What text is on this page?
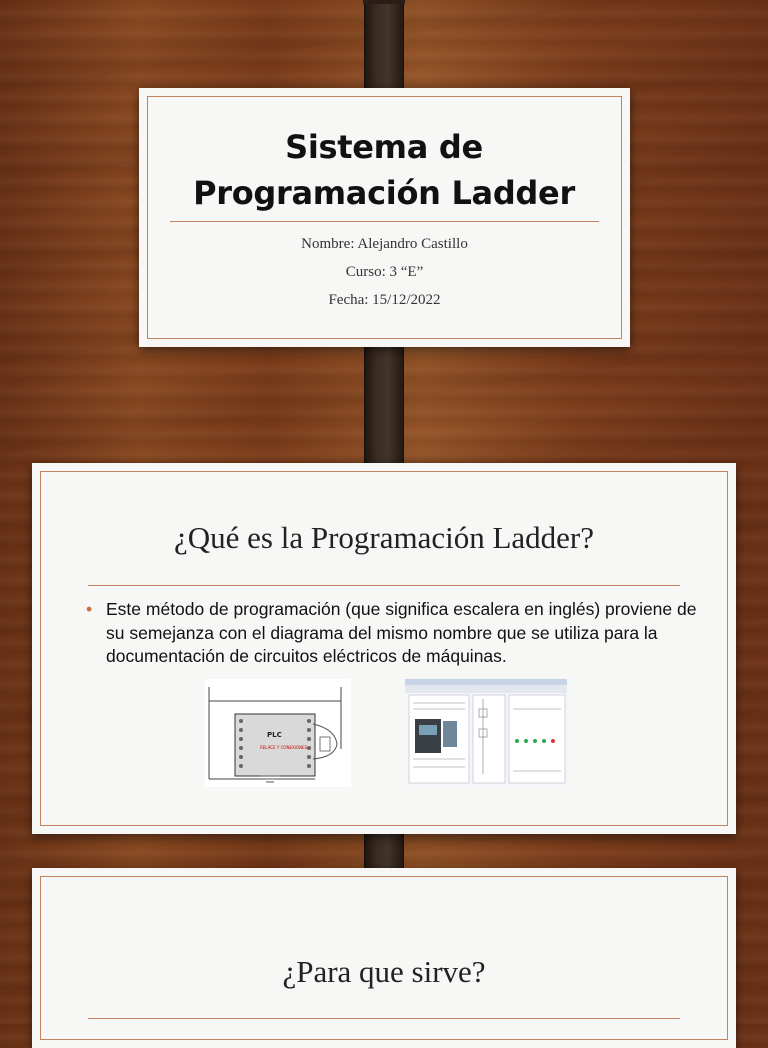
Sistema de
Programación Ladder
Nombre: Alejandro Castillo
Curso: 3 “E”
Fecha: 15/12/2022
¿Qué es la Programación Ladder?
• Este método de programación (que significa escalera en inglés) proviene de su semejanza con el diagrama del mismo nombre que se utiliza para la documentación de circuitos eléctricos de máquinas.
PLC
RELACE Y CONEXIONES
¿Para que sirve?
